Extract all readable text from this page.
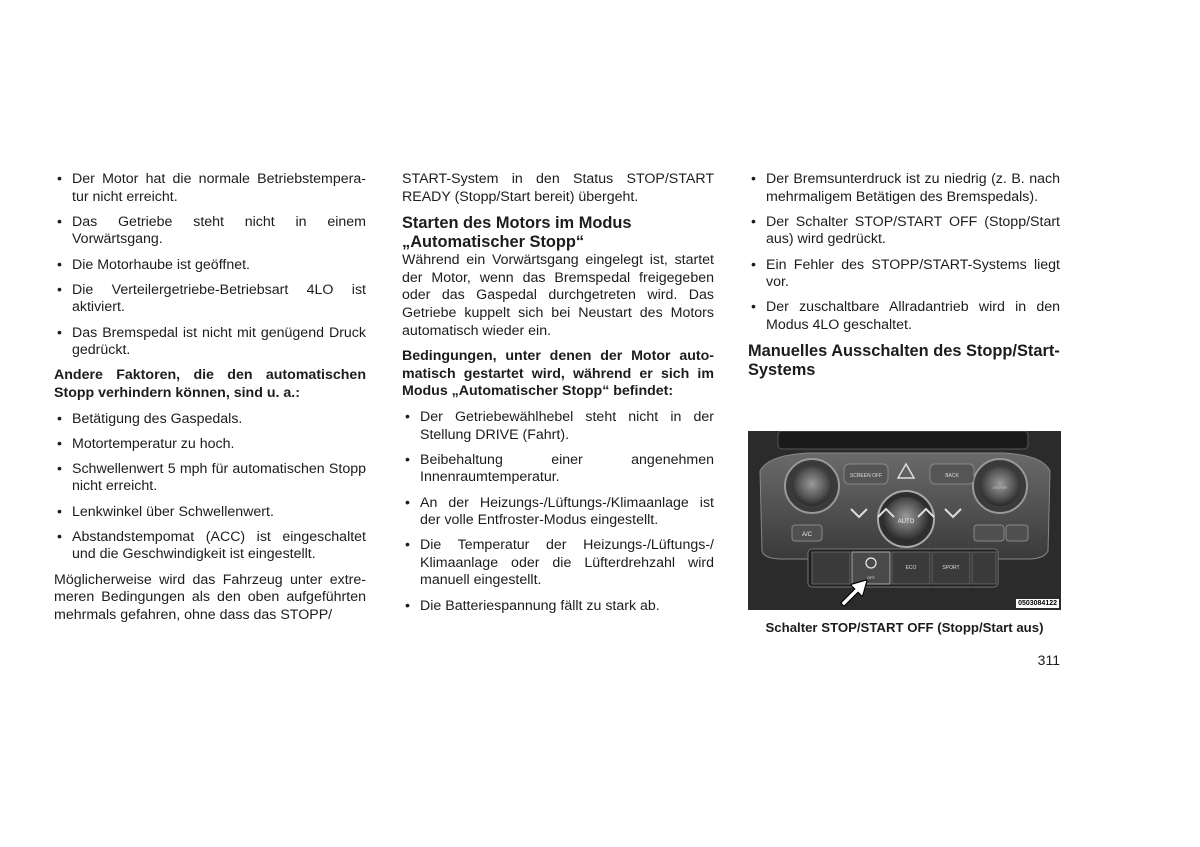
• Der Motor hat die normale Betriebstempera-tur nicht erreicht.
• Das Getriebe steht nicht in einem Vorwärtsgang.
• Die Motorhaube ist geöffnet.
• Die Verteilergetriebe-Betriebsart 4LO ist aktiviert.
• Das Bremspedal ist nicht mit genügend Druck gedrückt.
Andere Faktoren, die den automatischen Stopp verhindern können, sind u. a.:
• Betätigung des Gaspedals.
• Motortemperatur zu hoch.
• Schwellenwert 5 mph für automatischen Stopp nicht erreicht.
• Lenkwinkel über Schwellenwert.
• Abstandstempomat (ACC) ist eingeschaltet und die Geschwindigkeit ist eingestellt.

Möglicherweise wird das Fahrzeug unter extre-meren Bedingungen als den oben aufgeführten mehrmals gefahren, ohne dass das STOPP/

START-System in den Status STOP/START READY (Stopp/Start bereit) übergeht.

Starten des Motors im Modus „Automatischer Stopp“

Während ein Vorwärtsgang eingelegt ist, startet der Motor, wenn das Bremspedal freigegeben oder das Gaspedal durchgetreten wird. Das Getriebe kuppelt sich bei Neustart des Motors automatisch wieder ein.

Bedingungen, unter denen der Motor auto-matisch gestartet wird, während er sich im Modus „Automatischer Stopp“ befindet:
• Der Getriebewählhebel steht nicht in der Stellung DRIVE (Fahrt).
• Beibehaltung einer angenehmen Innenraumtemperatur.
• An der Heizungs-/Lüftungs-/Klimaanlage ist der volle Entfroster-Modus eingestellt.
• Die Temperatur der Heizungs-/Lüftungs-/ Klimaanlage oder die Lüfterdrehzahl wird manuell eingestellt.
• Die Batteriespannung fällt zu stark ab.
• Der Bremsunterdruck ist zu niedrig (z. B. nach mehrmaligem Betätigen des Bremspedals).
• Der Schalter STOP/START OFF (Stopp/Start aus) wird gedrückt.
• Ein Fehler des STOPP/START-Systems liegt vor.
• Der zuschaltbare Allradantrieb wird in den Modus 4LO geschaltet.
Manuelles Ausschalten des Stopp/Start-Systems
SCREEN OFF	BACK
ENTER
AUTO
A/C
OFF
ECO	SPORT
0503084122
Schalter STOP/START OFF (Stopp/Start aus)
311
